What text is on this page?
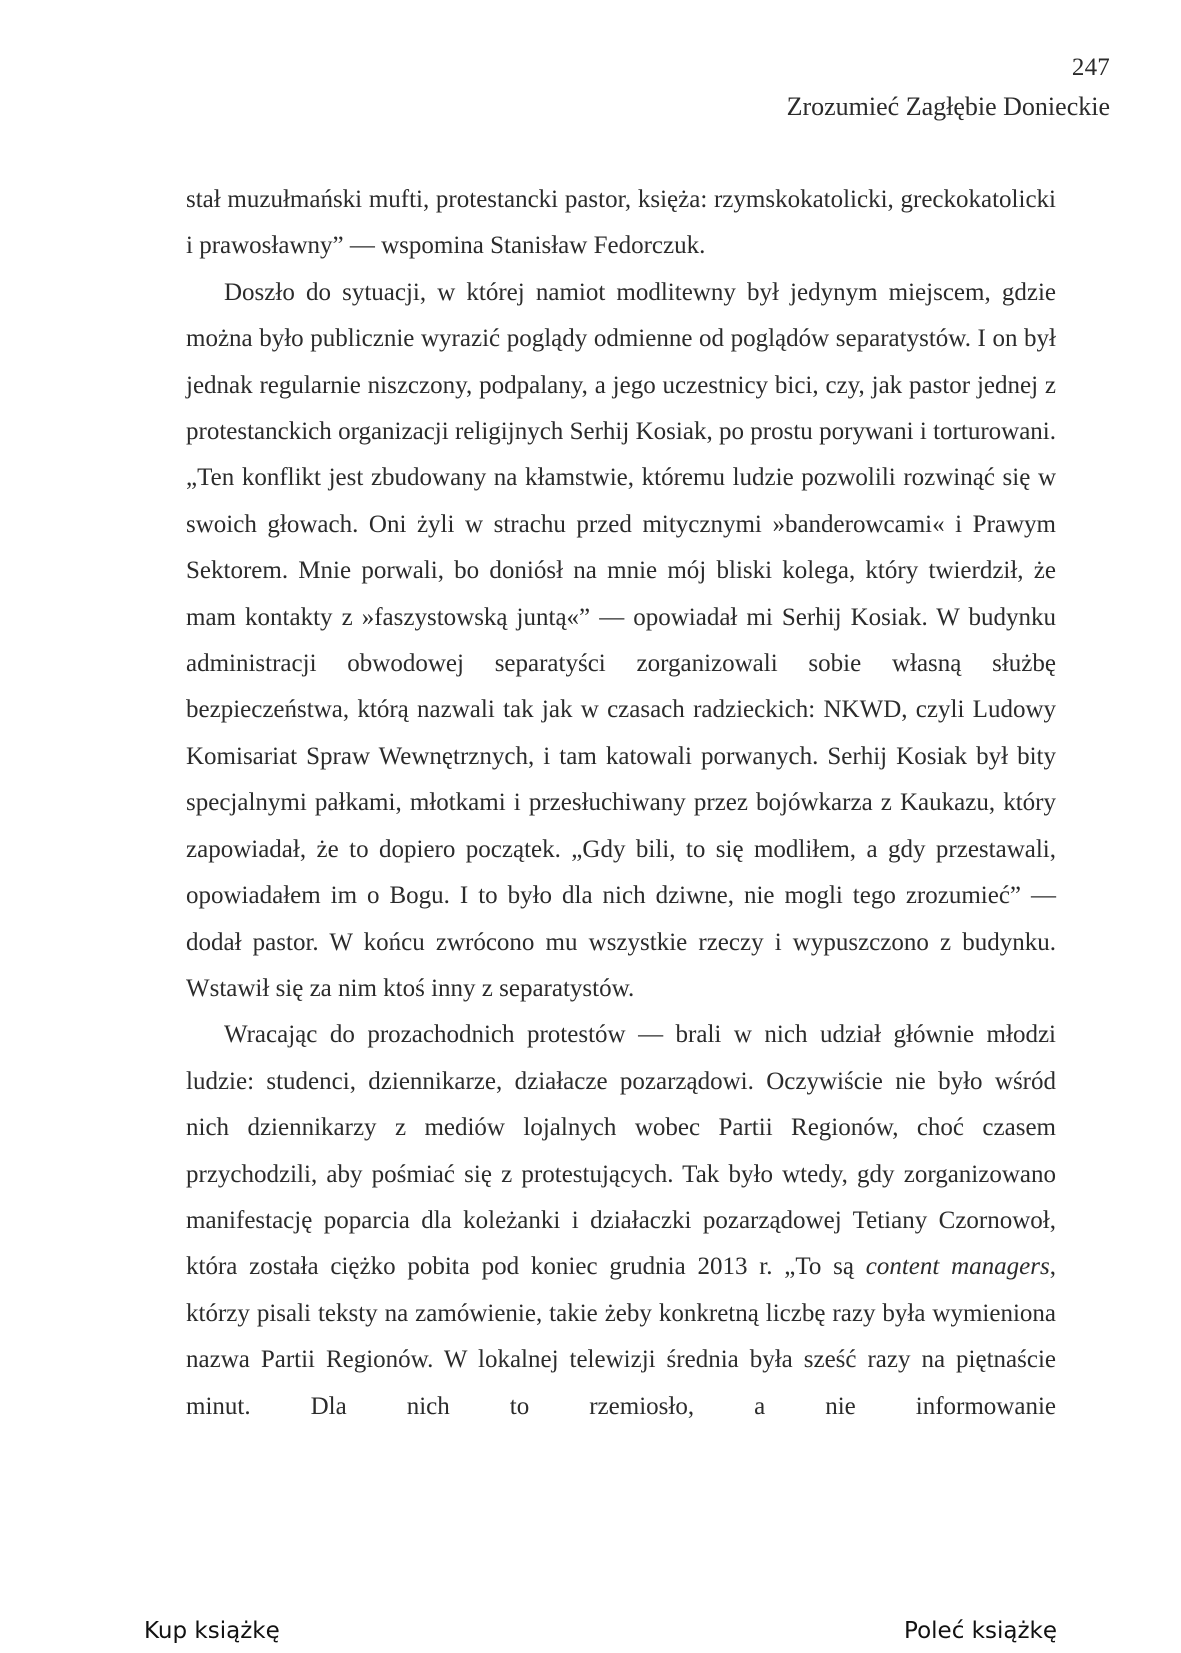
247
Zrozumieć Zagłębie Donieckie

stał muzułmański mufti, protestancki pastor, księża: rzymskokatolicki, greckokatolicki i prawosławny” — wspomina Stanisław Fedorczuk.

Doszło do sytuacji, w której namiot modlitewny był jedynym miejscem, gdzie można było publicznie wyrazić poglądy odmienne od poglądów separatystów. I on był jednak regularnie niszczony, podpalany, a jego uczestnicy bici, czy, jak pastor jednej z protestanckich organizacji religijnych Serhij Kosiak, po prostu porywani i torturowani. „Ten konflikt jest zbudowany na kłamstwie, któremu ludzie pozwolili rozwinąć się w swoich głowach. Oni żyli w strachu przed mitycznymi »banderowcami« i Prawym Sektorem. Mnie porwali, bo doniósł na mnie mój bliski kolega, który twierdził, że mam kontakty z »faszystowską juntą«” — opowiadał mi Serhij Kosiak. W budynku administracji obwodowej separatyści zorganizowali sobie własną służbę bezpieczeństwa, którą nazwali tak jak w czasach radzieckich: NKWD, czyli Ludowy Komisariat Spraw Wewnętrznych, i tam katowali porwanych. Serhij Kosiak był bity specjalnymi pałkami, młotkami i przesłuchiwany przez bojówkarza z Kaukazu, który zapowiadał, że to dopiero początek. „Gdy bili, to się modliłem, a gdy przestawali, opowiadałem im o Bogu. I to było dla nich dziwne, nie mogli tego zrozumieć” — dodał pastor. W końcu zwrócono mu wszystkie rzeczy i wypuszczono z budynku. Wstawił się za nim ktoś inny z separatystów.

Wracając do prozachodnich protestów — brali w nich udział głównie młodzi ludzie: studenci, dziennikarze, działacze pozarządowi. Oczywiście nie było wśród nich dziennikarzy z mediów lojalnych wobec Partii Regionów, choć czasem przychodzili, aby pośmiać się z protestujących. Tak było wtedy, gdy zorganizowano manifestację poparcia dla koleżanki i działaczki pozarządowej Tetiany Czornowoł, która została ciężko pobita pod koniec grudnia 2013 r. „To są content managers, którzy pisali teksty na zamówienie, takie żeby konkretną liczbę razy była wymieniona nazwa Partii Regionów. W lokalnej telewizji średnia była sześć razy na piętnaście minut. Dla nich to rzemiosło, a nie informowanie

Kup książkę	Poleć książkę
